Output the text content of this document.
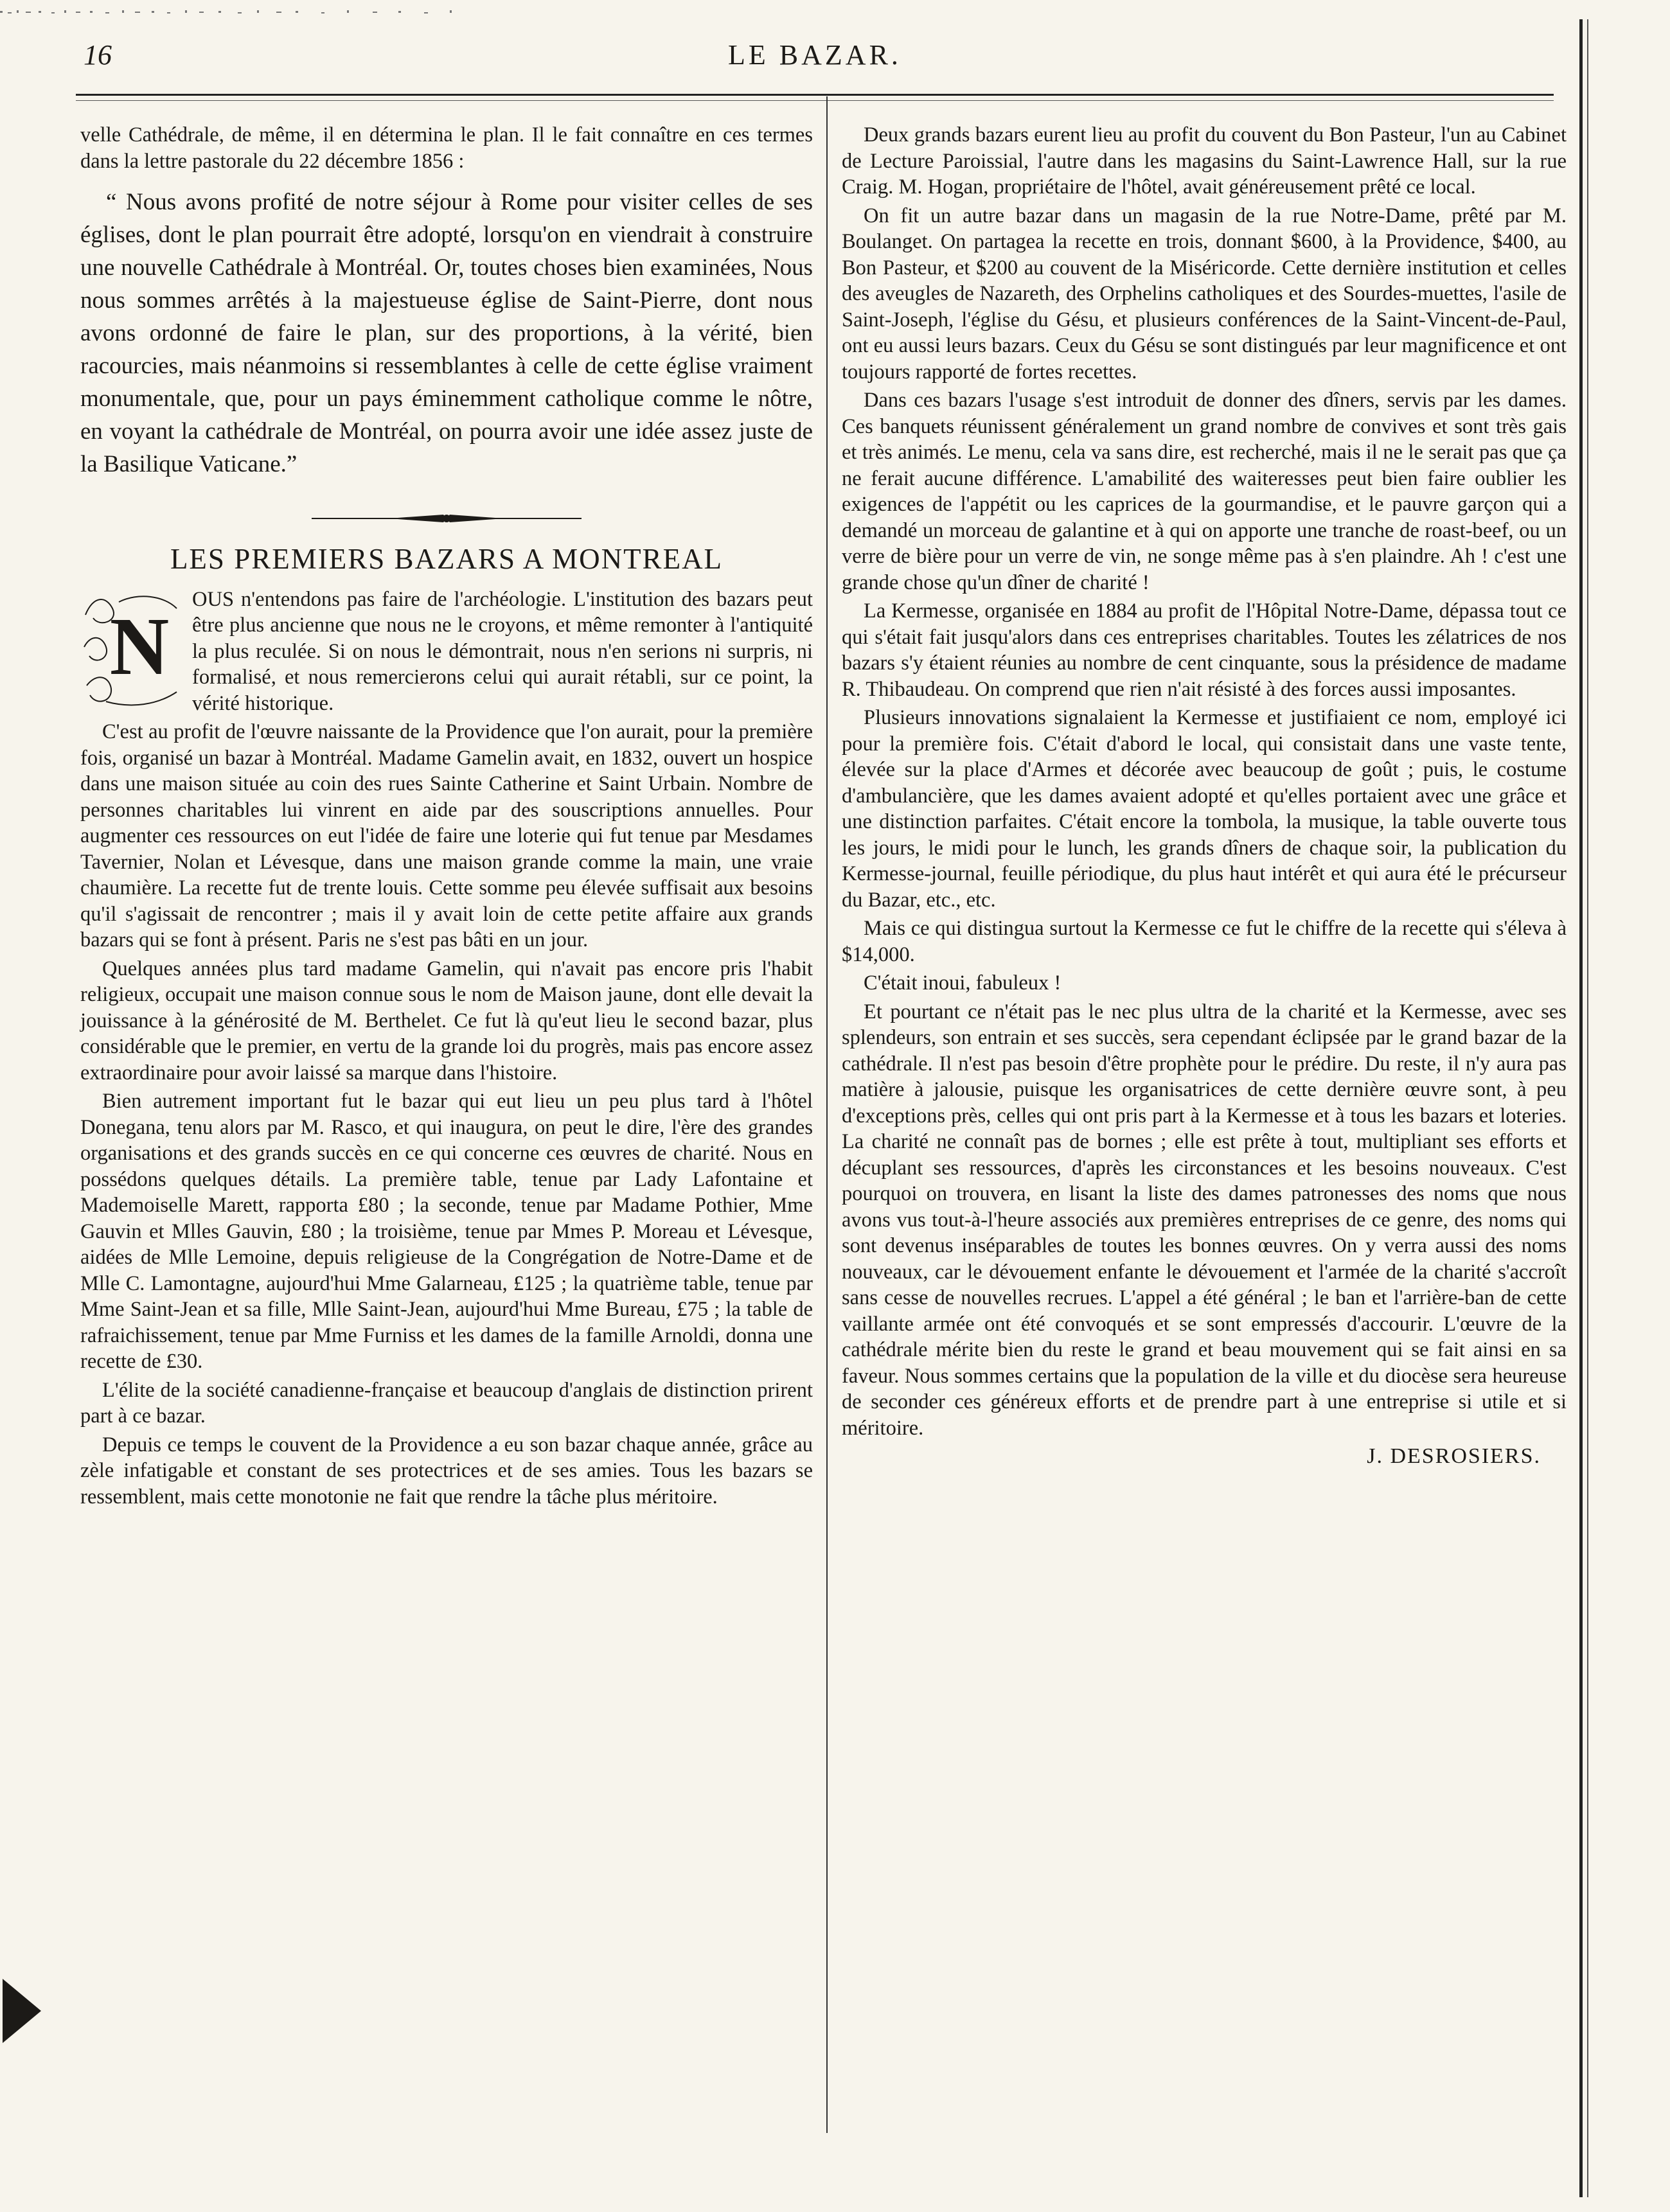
16	LE BAZAR.

velle Cathédrale, de même, il en détermina le plan. Il le fait connaître en ces termes dans la lettre pastorale du 22 décembre 1856 :

“ Nous avons profité de notre séjour à Rome pour visiter celles de ses églises, dont le plan pourrait être adopté, lorsqu'on en viendrait à construire une nouvelle Cathédrale à Montréal. Or, toutes choses bien examinées, Nous nous sommes arrêtés à la majestueuse église de Saint-Pierre, dont nous avons ordonné de faire le plan, sur des proportions, à la vérité, bien racourcies, mais néanmoins si ressemblantes à celle de cette église vraiment monumentale, que, pour un pays éminemment catholique comme le nôtre, en voyant la cathédrale de Montréal, on pourra avoir une idée assez juste de la Basilique Vaticane.”

LES PREMIERS BAZARS A MONTREAL
N

OUS n'entendons pas faire de l'archéologie. L'institution des bazars peut être plus ancienne que nous ne le croyons, et même remonter à l'antiquité la plus reculée. Si on nous le démontrait, nous n'en serions ni surpris, ni formalisé, et nous remercierons celui qui aurait rétabli, sur ce point, la vérité historique.

C'est au profit de l'œuvre naissante de la Providence que l'on aurait, pour la première fois, organisé un bazar à Montréal. Madame Gamelin avait, en 1832, ouvert un hospice dans une maison située au coin des rues Sainte Catherine et Saint Urbain. Nombre de personnes charitables lui vinrent en aide par des souscriptions annuelles. Pour augmenter ces ressources on eut l'idée de faire une loterie qui fut tenue par Mesdames Tavernier, Nolan et Lévesque, dans une maison grande comme la main, une vraie chaumière. La recette fut de trente louis. Cette somme peu élevée suffisait aux besoins qu'il s'agissait de rencontrer ; mais il y avait loin de cette petite affaire aux grands bazars qui se font à présent. Paris ne s'est pas bâti en un jour.

Quelques années plus tard madame Gamelin, qui n'avait pas encore pris l'habit religieux, occupait une maison connue sous le nom de Maison jaune, dont elle devait la jouissance à la générosité de M. Berthelet. Ce fut là qu'eut lieu le second bazar, plus considérable que le premier, en vertu de la grande loi du progrès, mais pas encore assez extraordinaire pour avoir laissé sa marque dans l'histoire.

Bien autrement important fut le bazar qui eut lieu un peu plus tard à l'hôtel Donegana, tenu alors par M. Rasco, et qui inaugura, on peut le dire, l'ère des grandes organisations et des grands succès en ce qui concerne ces œuvres de charité. Nous en possédons quelques détails. La première table, tenue par Lady Lafontaine et Mademoiselle Marett, rapporta £80 ; la seconde, tenue par Madame Pothier, Mme Gauvin et Mlles Gauvin, £80 ; la troisième, tenue par Mmes P. Moreau et Lévesque, aidées de Mlle Lemoine, depuis religieuse de la Congrégation de Notre-Dame et de Mlle C. Lamontagne, aujourd'hui Mme Galarneau, £125 ; la quatrième table, tenue par Mme Saint-Jean et sa fille, Mlle Saint-Jean, aujourd'hui Mme Bureau, £75 ; la table de rafraichissement, tenue par Mme Furniss et les dames de la famille Arnoldi, donna une recette de £30.

L'élite de la société canadienne-française et beaucoup d'anglais de distinction prirent part à ce bazar.

Depuis ce temps le couvent de la Providence a eu son bazar chaque année, grâce au zèle infatigable et constant de ses protectrices et de ses amies. Tous les bazars se ressemblent, mais cette monotonie ne fait que rendre la tâche plus méritoire.

Deux grands bazars eurent lieu au profit du couvent du Bon Pasteur, l'un au Cabinet de Lecture Paroissial, l'autre dans les magasins du Saint-Lawrence Hall, sur la rue Craig. M. Hogan, propriétaire de l'hôtel, avait généreusement prêté ce local.

On fit un autre bazar dans un magasin de la rue Notre-Dame, prêté par M. Boulanget. On partagea la recette en trois, donnant $600, à la Providence, $400, au Bon Pasteur, et $200 au couvent de la Miséricorde. Cette dernière institution et celles des aveugles de Nazareth, des Orphelins catholiques et des Sourdes-muettes, l'asile de Saint-Joseph, l'église du Gésu, et plusieurs conférences de la Saint-Vincent-de-Paul, ont eu aussi leurs bazars. Ceux du Gésu se sont distingués par leur magnificence et ont toujours rapporté de fortes recettes.

Dans ces bazars l'usage s'est introduit de donner des dîners, servis par les dames. Ces banquets réunissent généralement un grand nombre de convives et sont très gais et très animés. Le menu, cela va sans dire, est recherché, mais il ne le serait pas que ça ne ferait aucune différence. L'amabilité des waiteresses peut bien faire oublier les exigences de l'appétit ou les caprices de la gourmandise, et le pauvre garçon qui a demandé un morceau de galantine et à qui on apporte une tranche de roast-beef, ou un verre de bière pour un verre de vin, ne songe même pas à s'en plaindre. Ah ! c'est une grande chose qu'un dîner de charité !

La Kermesse, organisée en 1884 au profit de l'Hôpital Notre-Dame, dépassa tout ce qui s'était fait jusqu'alors dans ces entreprises charitables. Toutes les zélatrices de nos bazars s'y étaient réunies au nombre de cent cinquante, sous la présidence de madame R. Thibaudeau. On comprend que rien n'ait résisté à des forces aussi imposantes.

Plusieurs innovations signalaient la Kermesse et justifiaient ce nom, employé ici pour la première fois. C'était d'abord le local, qui consistait dans une vaste tente, élevée sur la place d'Armes et décorée avec beaucoup de goût ; puis, le costume d'ambulancière, que les dames avaient adopté et qu'elles portaient avec une grâce et une distinction parfaites. C'était encore la tombola, la musique, la table ouverte tous les jours, le midi pour le lunch, les grands dîners de chaque soir, la publication du Kermesse-journal, feuille périodique, du plus haut intérêt et qui aura été le précurseur du Bazar, etc., etc.

Mais ce qui distingua surtout la Kermesse ce fut le chiffre de la recette qui s'éleva à $14,000.

C'était inoui, fabuleux !

Et pourtant ce n'était pas le nec plus ultra de la charité et la Kermesse, avec ses splendeurs, son entrain et ses succès, sera cependant éclipsée par le grand bazar de la cathédrale. Il n'est pas besoin d'être prophète pour le prédire. Du reste, il n'y aura pas matière à jalousie, puisque les organisatrices de cette dernière œuvre sont, à peu d'exceptions près, celles qui ont pris part à la Kermesse et à tous les bazars et loteries. La charité ne connaît pas de bornes ; elle est prête à tout, multipliant ses efforts et décuplant ses ressources, d'après les circonstances et les besoins nouveaux. C'est pourquoi on trouvera, en lisant la liste des dames patronesses des noms que nous avons vus tout-à-l'heure associés aux premières entreprises de ce genre, des noms qui sont devenus inséparables de toutes les bonnes œuvres. On y verra aussi des noms nouveaux, car le dévouement enfante le dévouement et l'armée de la charité s'accroît sans cesse de nouvelles recrues. L'appel a été général ; le ban et l'arrière-ban de cette vaillante armée ont été convoqués et se sont empressés d'accourir. L'œuvre de la cathédrale mérite bien du reste le grand et beau mouvement qui se fait ainsi en sa faveur. Nous sommes certains que la population de la ville et du diocèse sera heureuse de seconder ces généreux efforts et de prendre part à une entreprise si utile et si méritoire.

J. DESROSIERS.
